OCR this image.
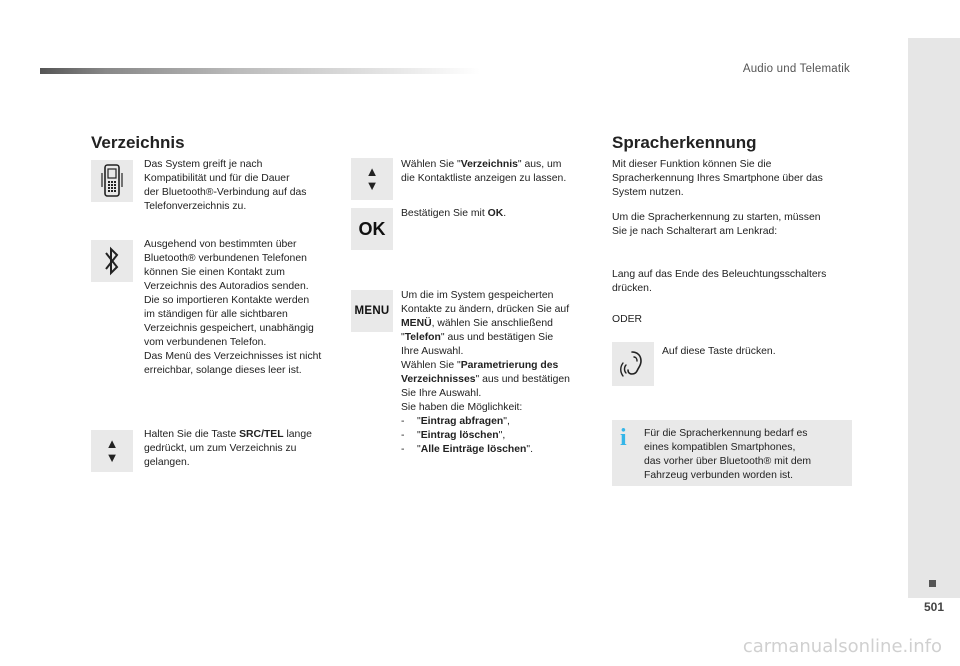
Audio und Telematik
501
Verzeichnis

Das System greift je nach

Kompatibilität und für die Dauer

der Bluetooth®-Verbindung auf das

Telefonverzeichnis zu.

Ausgehend von bestimmten über

Bluetooth® verbundenen Telefonen

können Sie einen Kontakt zum

Verzeichnis des Autoradios senden.

Die so importieren Kontakte werden

im ständigen für alle sichtbaren

Verzeichnis gespeichert, unabhängig

vom verbundenen Telefon.

Das Menü des Verzeichnisses ist nicht

erreichbar, solange dieses leer ist.

▲
▼

Halten Sie die Taste SRC/TEL lange

gedrückt, um zum Verzeichnis zu

gelangen.

▲
▼

Wählen Sie "Verzeichnis" aus, um

die Kontaktliste anzeigen zu lassen.

OK

Bestätigen Sie mit OK.

MENU

Um die im System gespeicherten

Kontakte zu ändern, drücken Sie auf

MENÜ, wählen Sie anschließend

"Telefon" aus und bestätigen Sie

Ihre Auswahl.

Wählen Sie "Parametrierung des

Verzeichnisses" aus und bestätigen

Sie Ihre Auswahl.

Sie haben die Möglichkeit:

- "Eintrag abfragen",

- "Eintrag löschen",

- "Alle Einträge löschen".

Spracherkennung

Mit dieser Funktion können Sie die

Spracherkennung Ihres Smartphone über das

System nutzen.

Um die Spracherkennung zu starten, müssen

Sie je nach Schalterart am Lenkrad:

Lang auf das Ende des Beleuchtungsschalters

drücken.

ODER
Auf diese Taste drücken.
i Für die Spracherkennung bedarf es

eines kompatiblen Smartphones,

das vorher über Bluetooth® mit dem

Fahrzeug verbunden worden ist.

carmanualsonline.info
